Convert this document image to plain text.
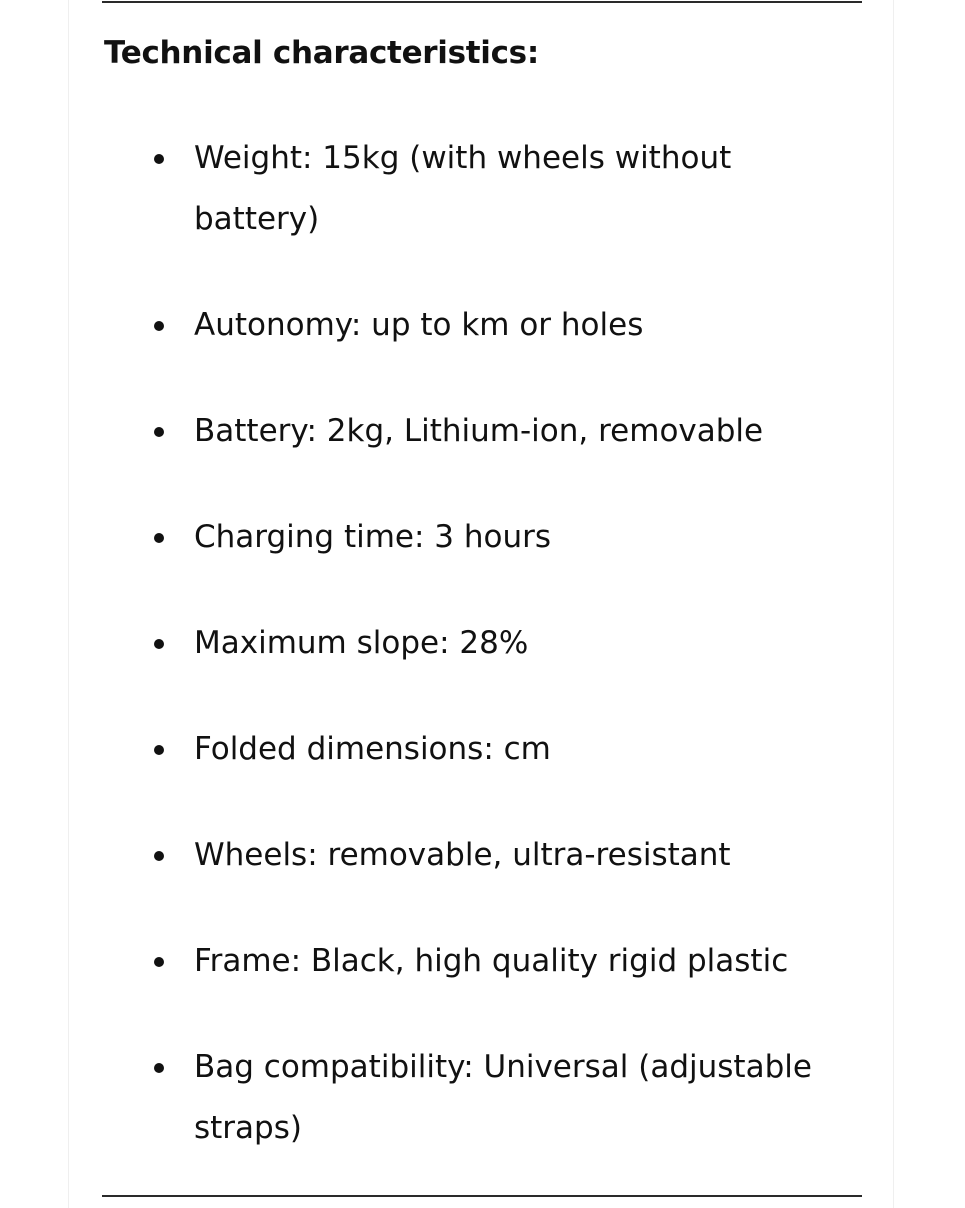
Technical characteristics:
Weight: 15kg (with wheels without battery)
Autonomy: up to km or holes
Battery: 2kg, Lithium-ion, removable
Charging time: 3 hours
Maximum slope: 28%
Folded dimensions: cm
Wheels: removable, ultra-resistant
Frame: Black, high quality rigid plastic
Bag compatibility: Universal (adjustable straps)
